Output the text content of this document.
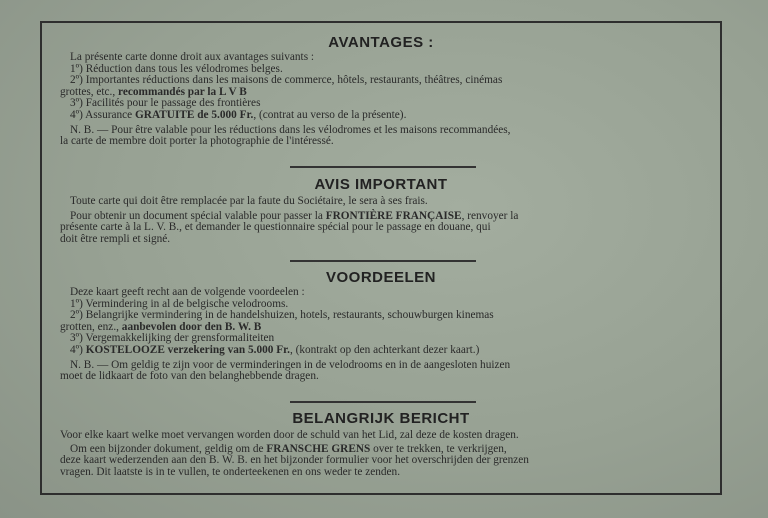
AVANTAGES :
La présente carte donne droit aux avantages suivants :
1º) Réduction dans tous les vélodromes belges.
2º) Importantes réductions dans les maisons de commerce, hôtels, restaurants, théâtres, cinémas
grottes, etc., recommandés par la L V B
3º) Facilités pour le passage des frontières
4º) Assurance GRATUITE de 5.000 Fr., (contrat au verso de la présente).
N. B. — Pour être valable pour les réductions dans les vélodromes et les maisons recommandées,
la carte de membre doit porter la photographie de l'intéressé.
AVIS IMPORTANT
Toute carte qui doit être remplacée par la faute du Sociétaire, le sera à ses frais.
Pour obtenir un document spécial valable pour passer la FRONTIÈRE FRANÇAISE, renvoyer la
présente carte à la L. V. B., et demander le questionnaire spécial pour le passage en douane, qui
doit être rempli et signé.
VOORDEELEN
Deze kaart geeft recht aan de volgende voordeelen :
1º) Vermindering in al de belgische velodrooms.
2º) Belangrijke vermindering in de handelshuizen, hotels, restaurants, schouwburgen kinemas
grotten, enz., aanbevolen door den B. W. B
3º) Vergemakkelijking der grensformaliteiten
4º) KOSTELOOZE verzekering van 5.000 Fr., (kontrakt op den achterkant dezer kaart.)
N. B. — Om geldig te zijn voor de verminderingen in de velodrooms en in de aangesloten huizen
moet de lidkaart de foto van den belanghebbende dragen.
BELANGRIJK BERICHT
Voor elke kaart welke moet vervangen worden door de schuld van het Lid, zal deze de kosten dragen.
Om een bijzonder dokument, geldig om de FRANSCHE GRENS over te trekken, te verkrijgen,
deze kaart wederzenden aan den B. W. B. en het bijzonder formulier voor het overschrijden der grenzen
vragen. Dit laatste is in te vullen, te onderteekenen en ons weder te zenden.
